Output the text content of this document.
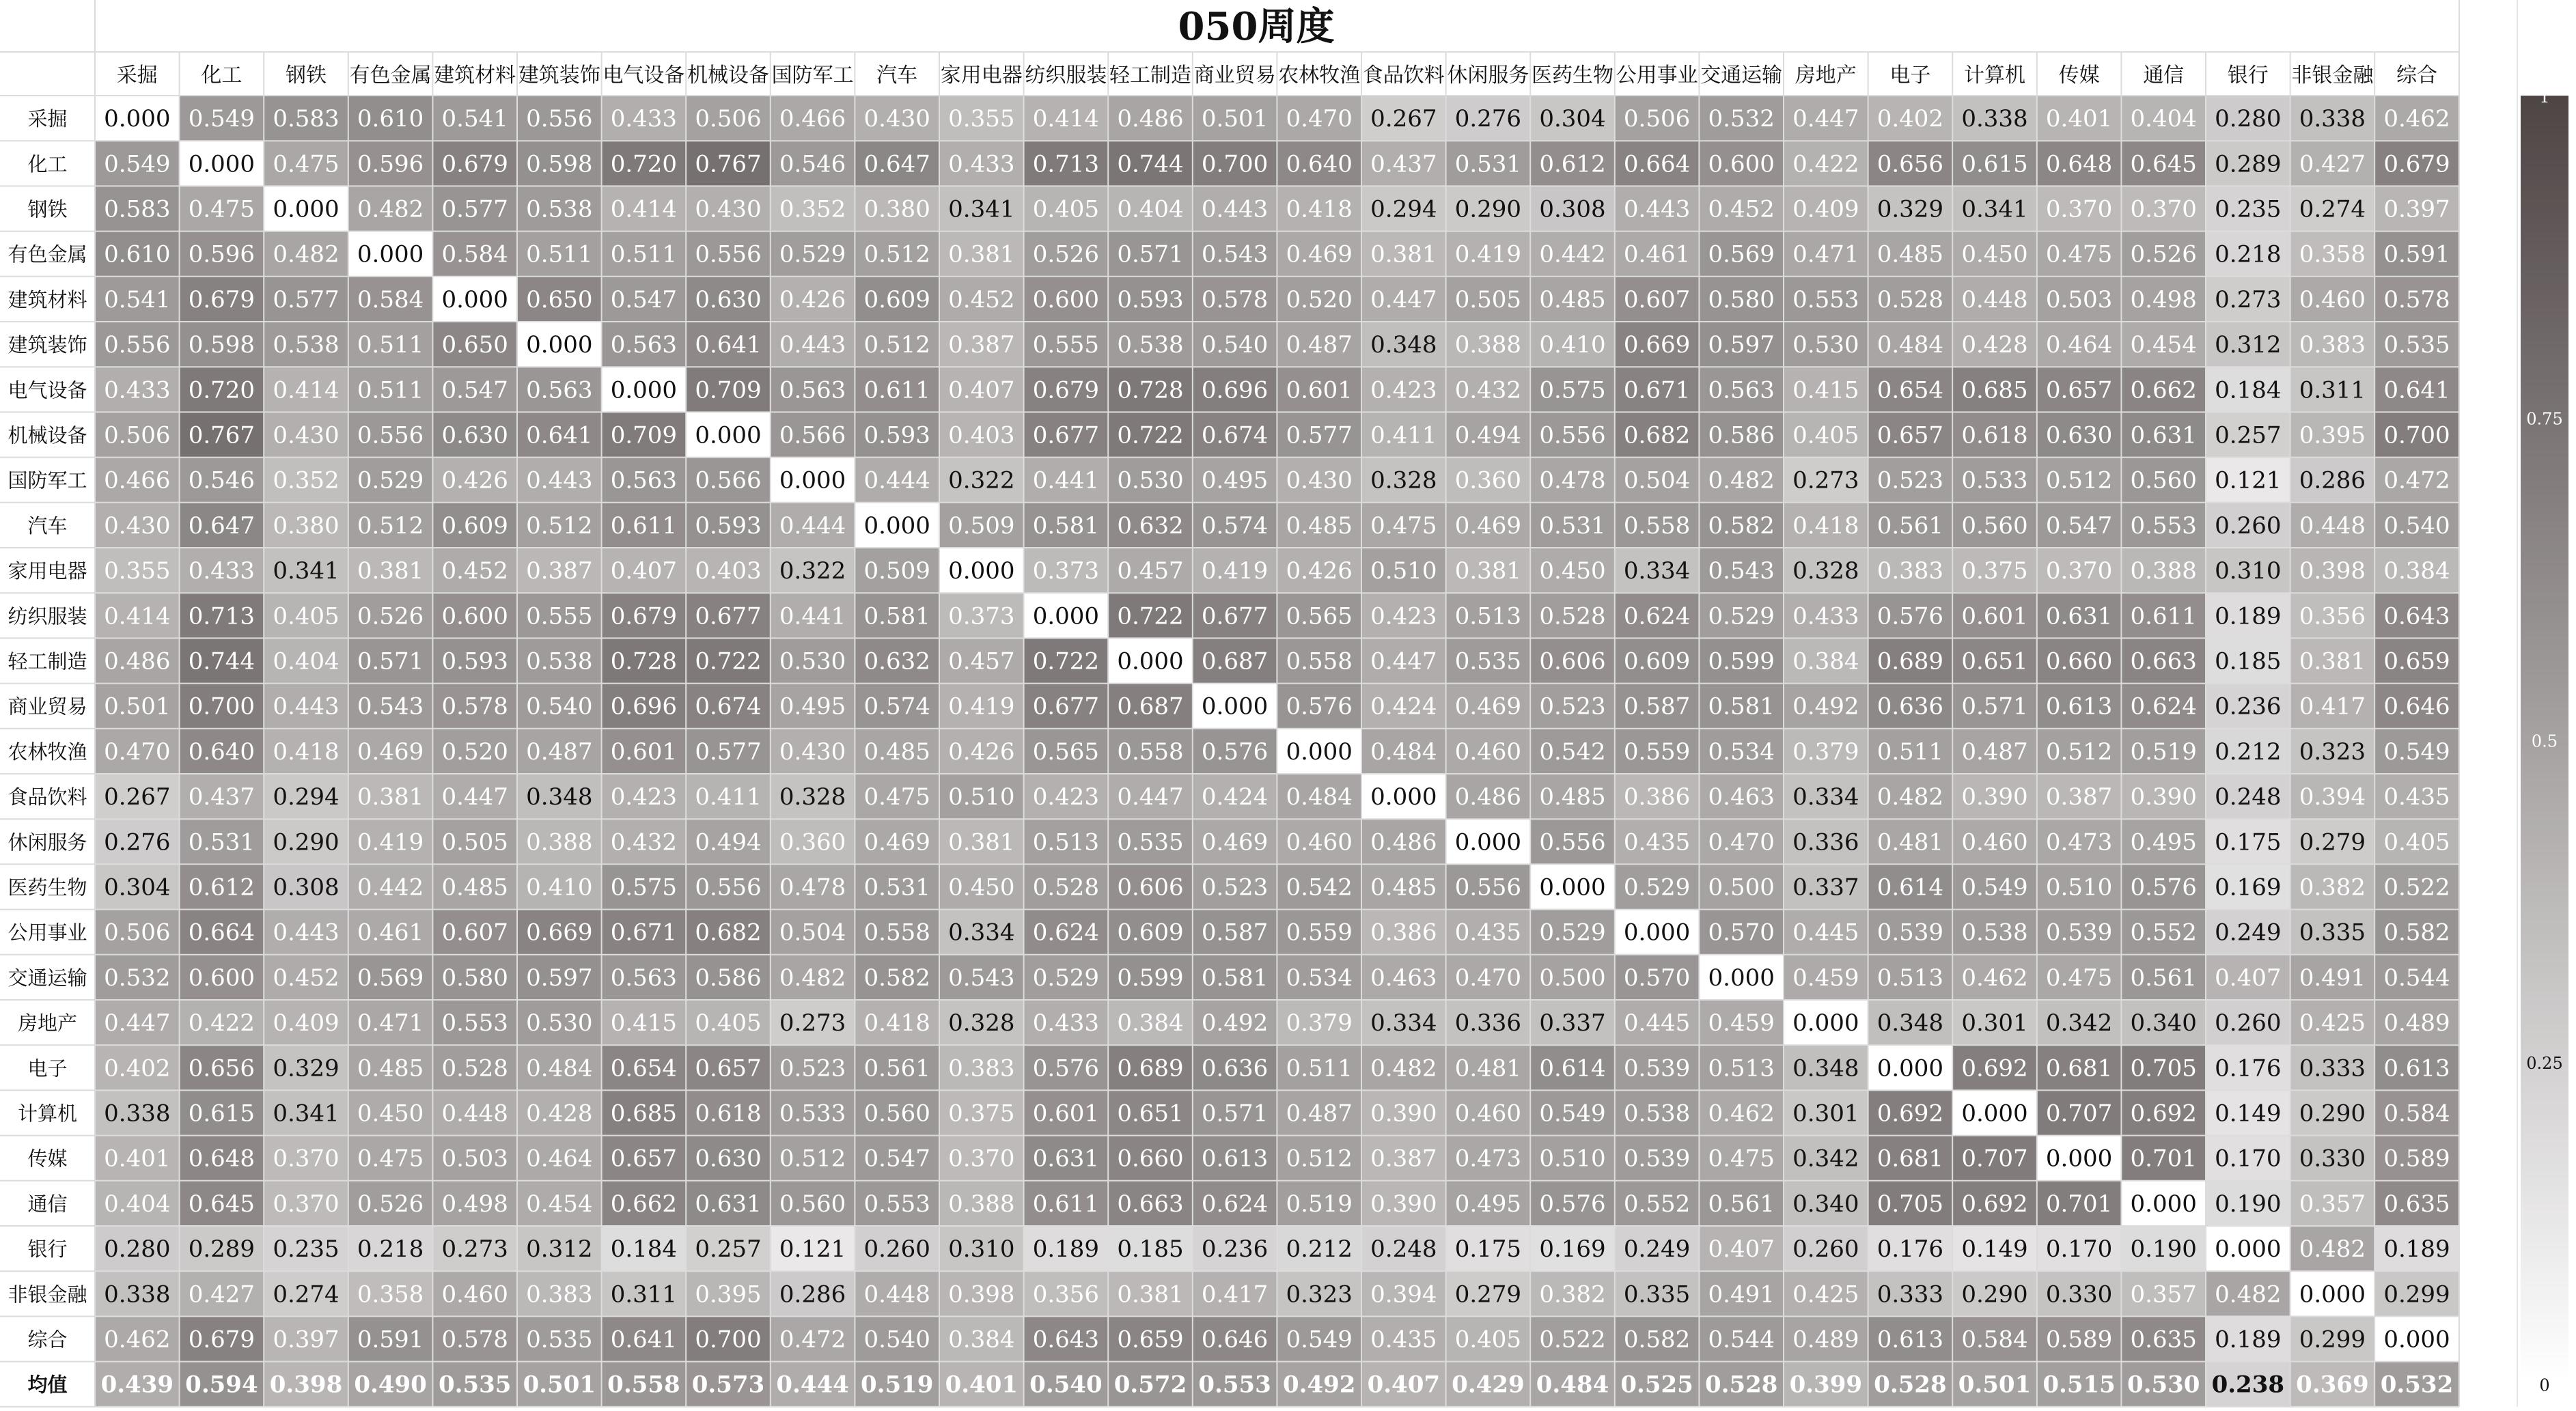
050周度
采掘 化工 钢铁 有色金属 建筑材料 建筑装饰 电气设备 机械设备 国防军工 汽车 家用电器 纺织服装 轻工制造 商业贸易 农林牧渔 食品饮料 休闲服务 医药生物 公用事业 交通运输 房地产 电子 计算机 传媒 通信 银行 非银金融 综合
采掘 0.000 0.549 0.583 0.610 0.541 0.556 0.433 0.506 0.466 0.430 0.355 0.414 0.486 0.501 0.470 0.267 0.276 0.304 0.506 0.532 0.447 0.402 0.338 0.401 0.404 0.280 0.338 0.462
化工 0.549 0.000 0.475 0.596 0.679 0.598 0.720 0.767 0.546 0.647 0.433 0.713 0.744 0.700 0.640 0.437 0.531 0.612 0.664 0.600 0.422 0.656 0.615 0.648 0.645 0.289 0.427 0.679
钢铁 0.583 0.475 0.000 0.482 0.577 0.538 0.414 0.430 0.352 0.380 0.341 0.405 0.404 0.443 0.418 0.294 0.290 0.308 0.443 0.452 0.409 0.329 0.341 0.370 0.370 0.235 0.274 0.397
有色金属 0.610 0.596 0.482 0.000 0.584 0.511 0.511 0.556 0.529 0.512 0.381 0.526 0.571 0.543 0.469 0.381 0.419 0.442 0.461 0.569 0.471 0.485 0.450 0.475 0.526 0.218 0.358 0.591
建筑材料 0.541 0.679 0.577 0.584 0.000 0.650 0.547 0.630 0.426 0.609 0.452 0.600 0.593 0.578 0.520 0.447 0.505 0.485 0.607 0.580 0.553 0.528 0.448 0.503 0.498 0.273 0.460 0.578
建筑装饰 0.556 0.598 0.538 0.511 0.650 0.000 0.563 0.641 0.443 0.512 0.387 0.555 0.538 0.540 0.487 0.348 0.388 0.410 0.669 0.597 0.530 0.484 0.428 0.464 0.454 0.312 0.383 0.535
电气设备 0.433 0.720 0.414 0.511 0.547 0.563 0.000 0.709 0.563 0.611 0.407 0.679 0.728 0.696 0.601 0.423 0.432 0.575 0.671 0.563 0.415 0.654 0.685 0.657 0.662 0.184 0.311 0.641
机械设备 0.506 0.767 0.430 0.556 0.630 0.641 0.709 0.000 0.566 0.593 0.403 0.677 0.722 0.674 0.577 0.411 0.494 0.556 0.682 0.586 0.405 0.657 0.618 0.630 0.631 0.257 0.395 0.700
国防军工 0.466 0.546 0.352 0.529 0.426 0.443 0.563 0.566 0.000 0.444 0.322 0.441 0.530 0.495 0.430 0.328 0.360 0.478 0.504 0.482 0.273 0.523 0.533 0.512 0.560 0.121 0.286 0.472
汽车 0.430 0.647 0.380 0.512 0.609 0.512 0.611 0.593 0.444 0.000 0.509 0.581 0.632 0.574 0.485 0.475 0.469 0.531 0.558 0.582 0.418 0.561 0.560 0.547 0.553 0.260 0.448 0.540
家用电器 0.355 0.433 0.341 0.381 0.452 0.387 0.407 0.403 0.322 0.509 0.000 0.373 0.457 0.419 0.426 0.510 0.381 0.450 0.334 0.543 0.328 0.383 0.375 0.370 0.388 0.310 0.398 0.384
纺织服装 0.414 0.713 0.405 0.526 0.600 0.555 0.679 0.677 0.441 0.581 0.373 0.000 0.722 0.677 0.565 0.423 0.513 0.528 0.624 0.529 0.433 0.576 0.601 0.631 0.611 0.189 0.356 0.643
轻工制造 0.486 0.744 0.404 0.571 0.593 0.538 0.728 0.722 0.530 0.632 0.457 0.722 0.000 0.687 0.558 0.447 0.535 0.606 0.609 0.599 0.384 0.689 0.651 0.660 0.663 0.185 0.381 0.659
商业贸易 0.501 0.700 0.443 0.543 0.578 0.540 0.696 0.674 0.495 0.574 0.419 0.677 0.687 0.000 0.576 0.424 0.469 0.523 0.587 0.581 0.492 0.636 0.571 0.613 0.624 0.236 0.417 0.646
农林牧渔 0.470 0.640 0.418 0.469 0.520 0.487 0.601 0.577 0.430 0.485 0.426 0.565 0.558 0.576 0.000 0.484 0.460 0.542 0.559 0.534 0.379 0.511 0.487 0.512 0.519 0.212 0.323 0.549
食品饮料 0.267 0.437 0.294 0.381 0.447 0.348 0.423 0.411 0.328 0.475 0.510 0.423 0.447 0.424 0.484 0.000 0.486 0.485 0.386 0.463 0.334 0.482 0.390 0.387 0.390 0.248 0.394 0.435
休闲服务 0.276 0.531 0.290 0.419 0.505 0.388 0.432 0.494 0.360 0.469 0.381 0.513 0.535 0.469 0.460 0.486 0.000 0.556 0.435 0.470 0.336 0.481 0.460 0.473 0.495 0.175 0.279 0.405
医药生物 0.304 0.612 0.308 0.442 0.485 0.410 0.575 0.556 0.478 0.531 0.450 0.528 0.606 0.523 0.542 0.485 0.556 0.000 0.529 0.500 0.337 0.614 0.549 0.510 0.576 0.169 0.382 0.522
公用事业 0.506 0.664 0.443 0.461 0.607 0.669 0.671 0.682 0.504 0.558 0.334 0.624 0.609 0.587 0.559 0.386 0.435 0.529 0.000 0.570 0.445 0.539 0.538 0.539 0.552 0.249 0.335 0.582
交通运输 0.532 0.600 0.452 0.569 0.580 0.597 0.563 0.586 0.482 0.582 0.543 0.529 0.599 0.581 0.534 0.463 0.470 0.500 0.570 0.000 0.459 0.513 0.462 0.475 0.561 0.407 0.491 0.544
房地产 0.447 0.422 0.409 0.471 0.553 0.530 0.415 0.405 0.273 0.418 0.328 0.433 0.384 0.492 0.379 0.334 0.336 0.337 0.445 0.459 0.000 0.348 0.301 0.342 0.340 0.260 0.425 0.489
电子 0.402 0.656 0.329 0.485 0.528 0.484 0.654 0.657 0.523 0.561 0.383 0.576 0.689 0.636 0.511 0.482 0.481 0.614 0.539 0.513 0.348 0.000 0.692 0.681 0.705 0.176 0.333 0.613
计算机 0.338 0.615 0.341 0.450 0.448 0.428 0.685 0.618 0.533 0.560 0.375 0.601 0.651 0.571 0.487 0.390 0.460 0.549 0.538 0.462 0.301 0.692 0.000 0.707 0.692 0.149 0.290 0.584
传媒 0.401 0.648 0.370 0.475 0.503 0.464 0.657 0.630 0.512 0.547 0.370 0.631 0.660 0.613 0.512 0.387 0.473 0.510 0.539 0.475 0.342 0.681 0.707 0.000 0.701 0.170 0.330 0.589
通信 0.404 0.645 0.370 0.526 0.498 0.454 0.662 0.631 0.560 0.553 0.388 0.611 0.663 0.624 0.519 0.390 0.495 0.576 0.552 0.561 0.340 0.705 0.692 0.701 0.000 0.190 0.357 0.635
银行 0.280 0.289 0.235 0.218 0.273 0.312 0.184 0.257 0.121 0.260 0.310 0.189 0.185 0.236 0.212 0.248 0.175 0.169 0.249 0.407 0.260 0.176 0.149 0.170 0.190 0.000 0.482 0.189
非银金融 0.338 0.427 0.274 0.358 0.460 0.383 0.311 0.395 0.286 0.448 0.398 0.356 0.381 0.417 0.323 0.394 0.279 0.382 0.335 0.491 0.425 0.333 0.290 0.330 0.357 0.482 0.000 0.299
综合 0.462 0.679 0.397 0.591 0.578 0.535 0.641 0.700 0.472 0.540 0.384 0.643 0.659 0.646 0.549 0.435 0.405 0.522 0.582 0.544 0.489 0.613 0.584 0.589 0.635 0.189 0.299 0.000
均值 0.439 0.594 0.398 0.490 0.535 0.501 0.558 0.573 0.444 0.519 0.401 0.540 0.572 0.553 0.492 0.407 0.429 0.484 0.525 0.528 0.399 0.528 0.501 0.515 0.530 0.238 0.369 0.532
1
0.75
0.5
0.25
0
